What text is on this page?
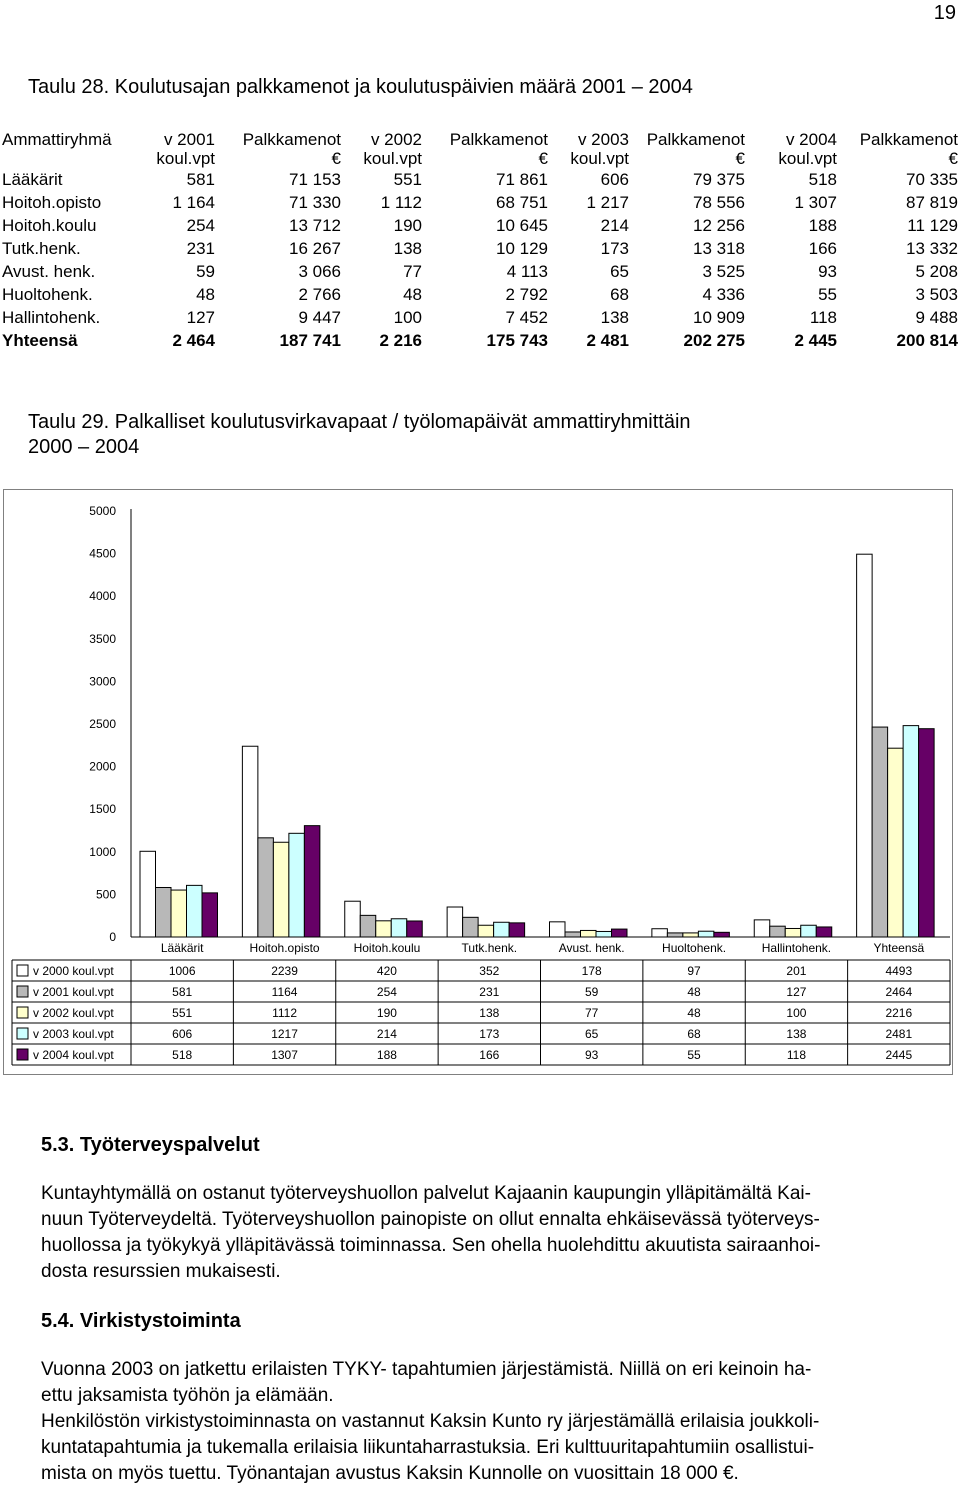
19
Taulu 28. Koulutusajan palkkamenot ja koulutuspäivien määrä 2001 – 2004
Ammattiryhmä	v 2001	Palkkamenot	v 2002	Palkkamenot	v 2003	Palkkamenot	v 2004	Palkkamenot
	koul.vpt	€	koul.vpt	€	koul.vpt	€	koul.vpt	€
Lääkärit	581	71 153	551	71 861	606	79 375	518	70 335
Hoitoh.opisto	1 164	71 330	1 112	68 751	1 217	78 556	1 307	87 819
Hoitoh.koulu	254	13 712	190	10 645	214	12 256	188	11 129
Tutk.henk.	231	16 267	138	10 129	173	13 318	166	13 332
Avust. henk.	59	3 066	77	4 113	65	3 525	93	5 208
Huoltohenk.	48	2 766	48	2 792	68	4 336	55	3 503
Hallintohenk.	127	9 447	100	7 452	138	10 909	118	9 488
Yhteensä	2 464	187 741	2 216	175 743	2 481	202 275	2 445	200 814
Taulu 29. Palkalliset koulutusvirkavapaat / työlomapäivät ammattiryhmittäin
2000 – 2004
0
500
1000
1500
2000
2500
3000
3500
4000
4500
5000
Lääkärit	Hoitoh.opisto	Hoitoh.koulu	Tutk.henk.	Avust. henk.	Huoltohenk.	Hallintohenk.	Yhteensä
v 2000 koul.vpt	1006	2239	420	352	178	97	201	4493
v 2001 koul.vpt	581	1164	254	231	59	48	127	2464
v 2002 koul.vpt	551	1112	190	138	77	48	100	2216
v 2003 koul.vpt	606	1217	214	173	65	68	138	2481
v 2004 koul.vpt	518	1307	188	166	93	55	118	2445
5.3. Työterveyspalvelut

Kuntayhtymällä on ostanut työterveyshuollon palvelut Kajaanin kaupungin ylläpitämältä Kai-

nuun Työterveydeltä. Työterveyshuollon painopiste on ollut ennalta ehkäisevässä työterveys-

huollossa ja työkykyä ylläpitävässä toiminnassa. Sen ohella huolehdittu akuutista sairaanhoi-

dosta resurssien mukaisesti.

5.4. Virkistystoiminta

Vuonna 2003 on jatkettu erilaisten TYKY- tapahtumien järjestämistä. Niillä on eri keinoin ha-

ettu jaksamista työhön ja elämään.

Henkilöstön virkistystoiminnasta on vastannut Kaksin Kunto ry järjestämällä erilaisia joukkoli-

kuntatapahtumia ja tukemalla erilaisia liikuntaharrastuksia. Eri kulttuuritapahtumiin osallistui-

mista on myös tuettu. Työnantajan avustus Kaksin Kunnolle on vuosittain 18 000 €.
